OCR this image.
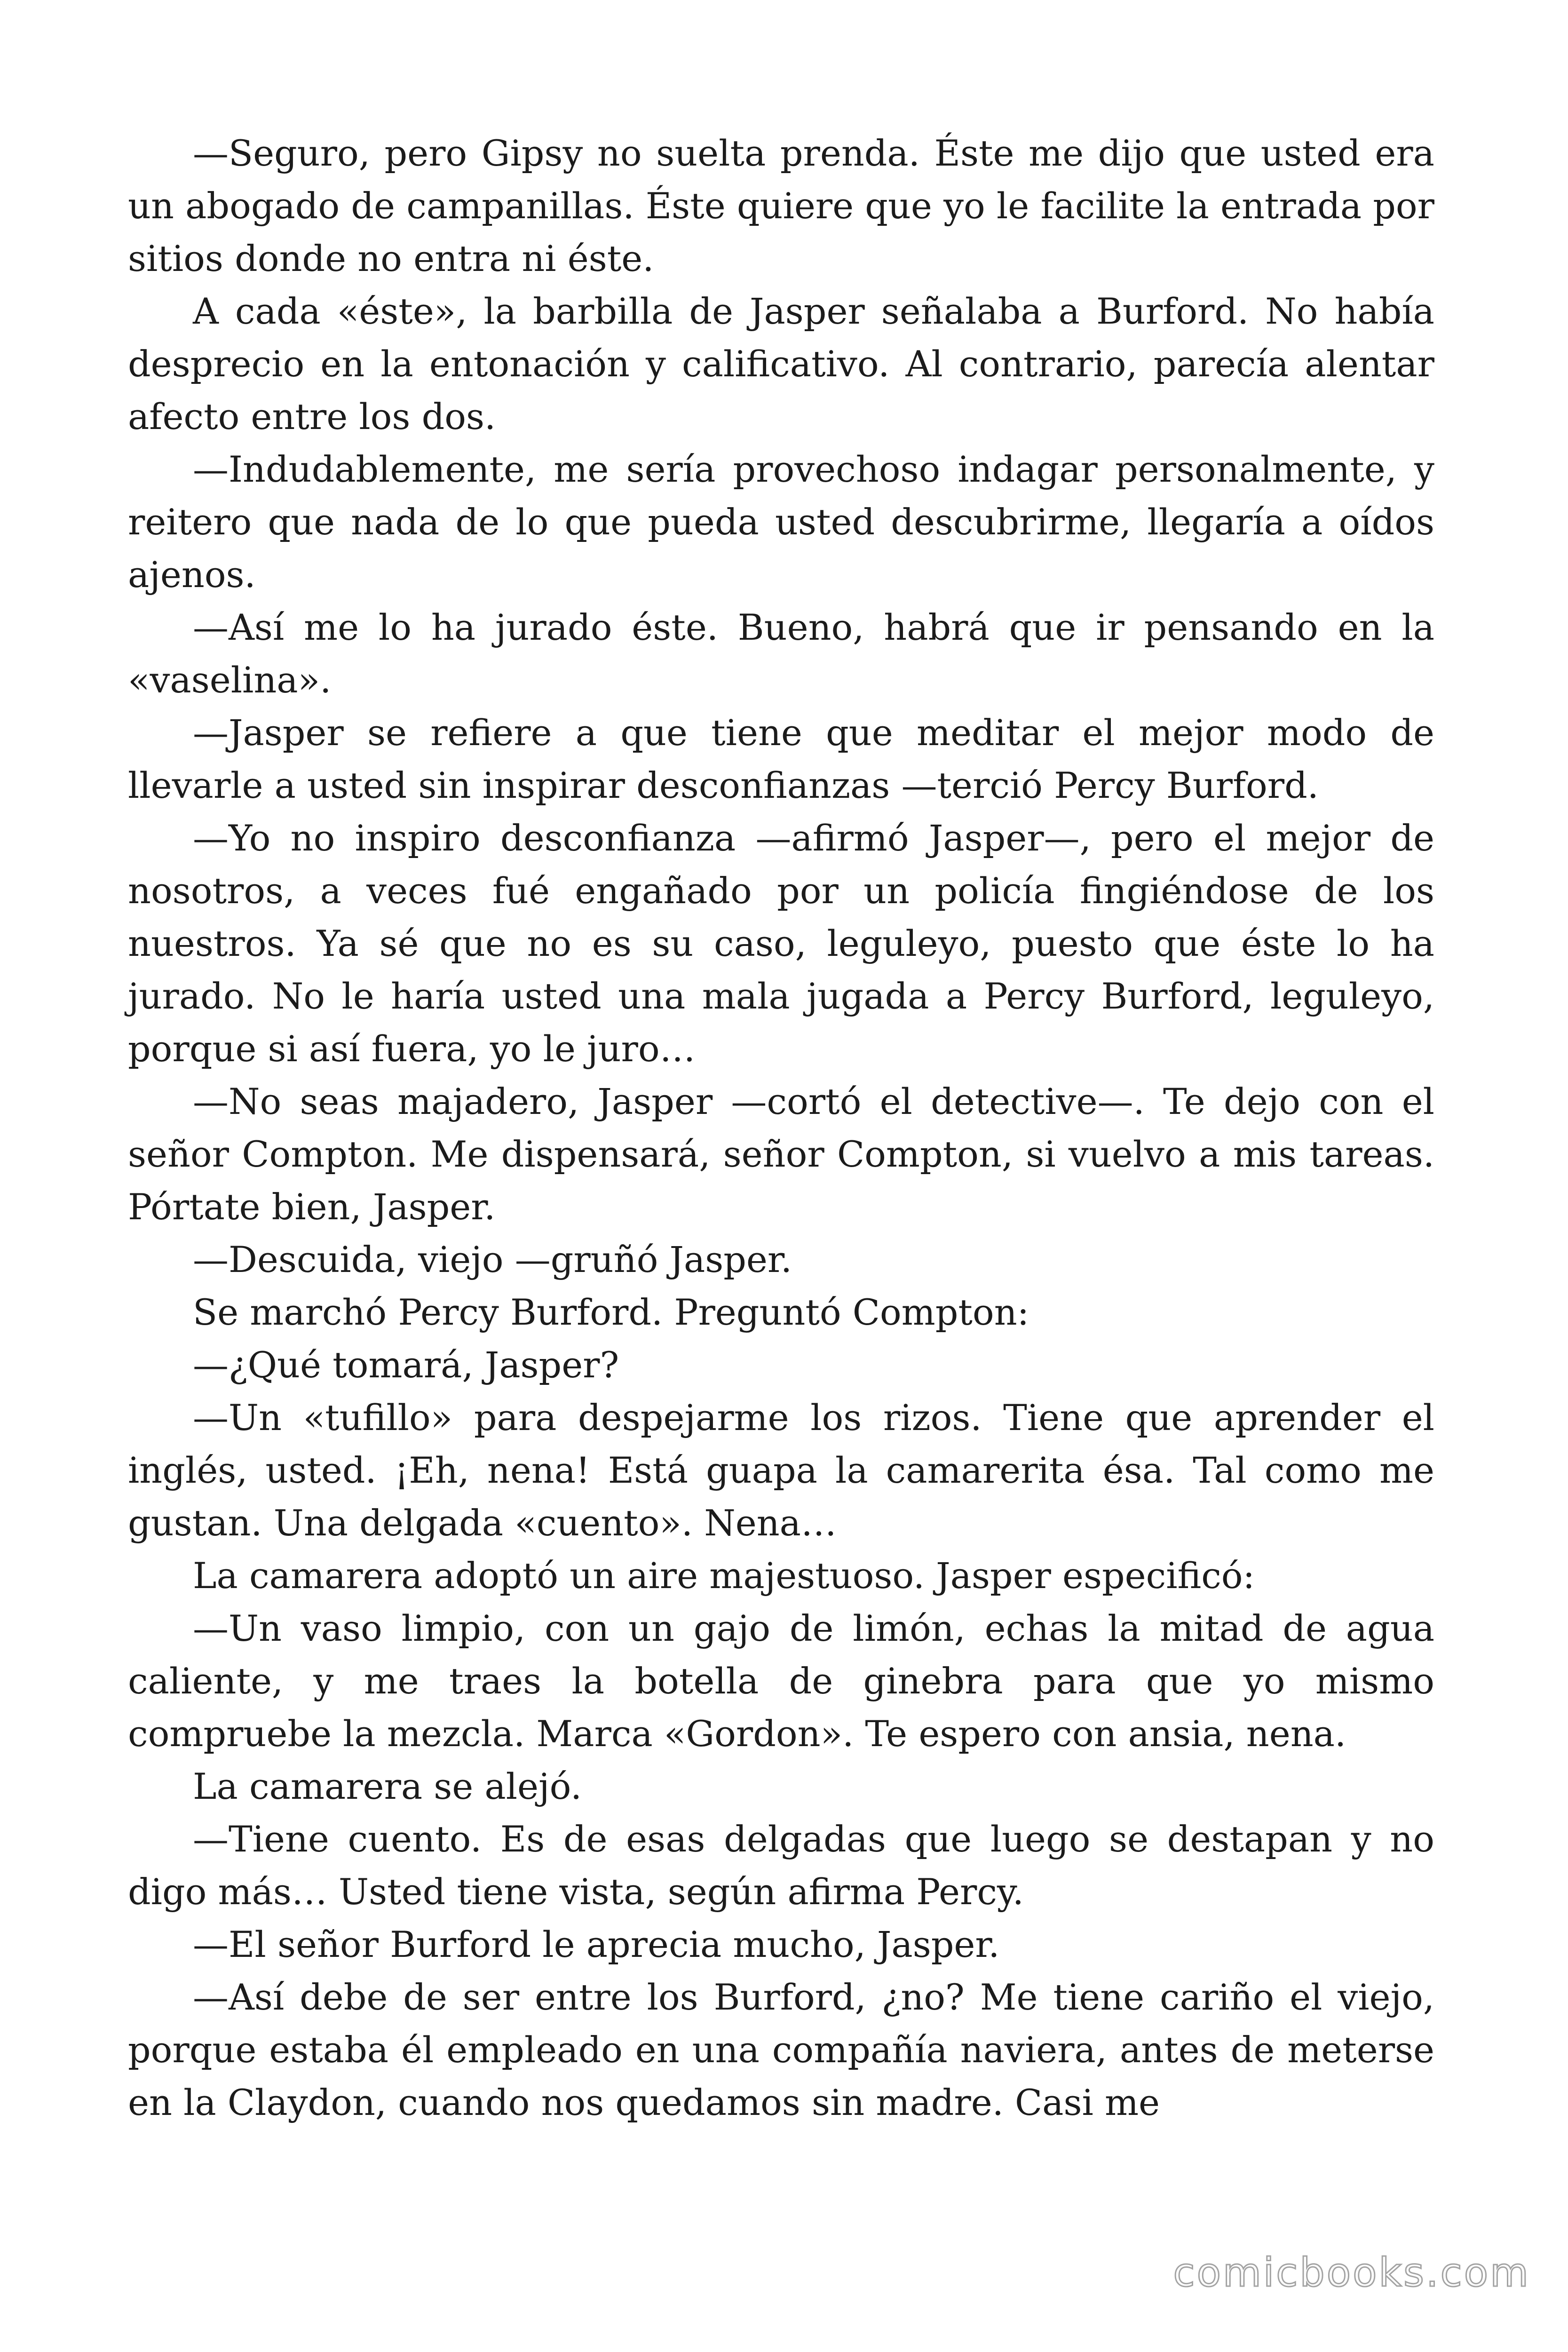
—Seguro, pero Gipsy no suelta prenda. Éste me dijo que usted era un abogado de campanillas. Éste quiere que yo le facilite la entrada por sitios donde no entra ni éste.

A cada «éste», la barbilla de Jasper señalaba a Burford. No había desprecio en la entonación y calificativo. Al contrario, parecía alentar afecto entre los dos.

—Indudablemente, me sería provechoso indagar personalmente, y reitero que nada de lo que pueda usted descubrirme, llegaría a oídos ajenos.

—Así me lo ha jurado éste. Bueno, habrá que ir pensando en la «vaselina».

—Jasper se refiere a que tiene que meditar el mejor modo de llevarle a usted sin inspirar desconfianzas —terció Percy Burford.

—Yo no inspiro desconfianza —afirmó Jasper—, pero el mejor de nosotros, a veces fué engañado por un policía fingiéndose de los nuestros. Ya sé que no es su caso, leguleyo, puesto que éste lo ha jurado. No le haría usted una mala jugada a Percy Burford, leguleyo, porque si así fuera, yo le juro…

—No seas majadero, Jasper —cortó el detective—. Te dejo con el señor Compton. Me dispensará, señor Compton, si vuelvo a mis tareas. Pórtate bien, Jasper.

—Descuida, viejo —gruñó Jasper.

Se marchó Percy Burford. Preguntó Compton:

—¿Qué tomará, Jasper?

—Un «tufillo» para despejarme los rizos. Tiene que aprender el inglés, usted. ¡Eh, nena! Está guapa la camarerita ésa. Tal como me gustan. Una delgada «cuento». Nena…

La camarera adoptó un aire majestuoso. Jasper especificó:

—Un vaso limpio, con un gajo de limón, echas la mitad de agua caliente, y me traes la botella de ginebra para que yo mismo compruebe la mezcla. Marca «Gordon». Te espero con ansia, nena.

La camarera se alejó.

—Tiene cuento. Es de esas delgadas que luego se destapan y no digo más… Usted tiene vista, según afirma Percy.

—El señor Burford le aprecia mucho, Jasper.

—Así debe de ser entre los Burford, ¿no? Me tiene cariño el viejo, porque estaba él empleado en una compañía naviera, antes de meterse en la Claydon, cuando nos quedamos sin madre. Casi me

comicbooks.com
